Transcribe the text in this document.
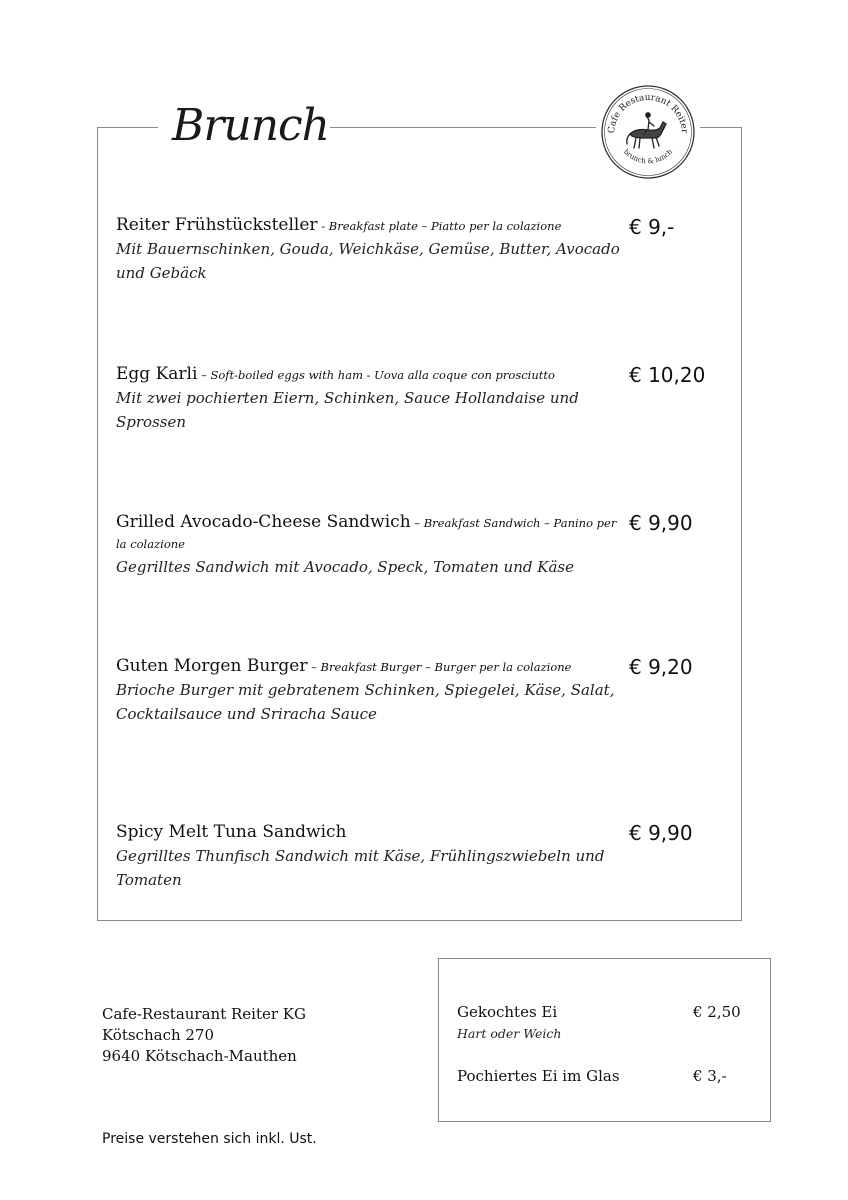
Brunch	Cafe Restaurant Reiter
brunch & lunch
Reiter Frühstücksteller - Breakfast plate – Piatto per la colazione
Mit Bauernschinken, Gouda, Weichkäse, Gemüse, Butter, Avocado und Gebäck
€ 9,-
Egg Karli – Soft-boiled eggs with ham - Uova alla coque con prosciutto
Mit zwei pochierten Eiern, Schinken, Sauce Hollandaise und Sprossen
€ 10,20
Grilled Avocado-Cheese Sandwich – Breakfast Sandwich – Panino per la colazione
Gegrilltes Sandwich mit Avocado, Speck, Tomaten und Käse
€ 9,90
Guten Morgen Burger – Breakfast Burger – Burger per la colazione
Brioche Burger mit gebratenem Schinken, Spiegelei, Käse, Salat, Cocktailsauce und Sriracha Sauce
€ 9,20
Spicy Melt Tuna Sandwich
Gegrilltes Thunfisch Sandwich mit Käse, Frühlingszwiebeln und Tomaten
€ 9,90
Cafe-Restaurant Reiter KG
Kötschach 270
9640 Kötschach-Mauthen
Gekochtes Ei	€ 2,50
Hart oder Weich
Pochiertes Ei im Glas	€ 3,-
Preise verstehen sich inkl. Ust.
